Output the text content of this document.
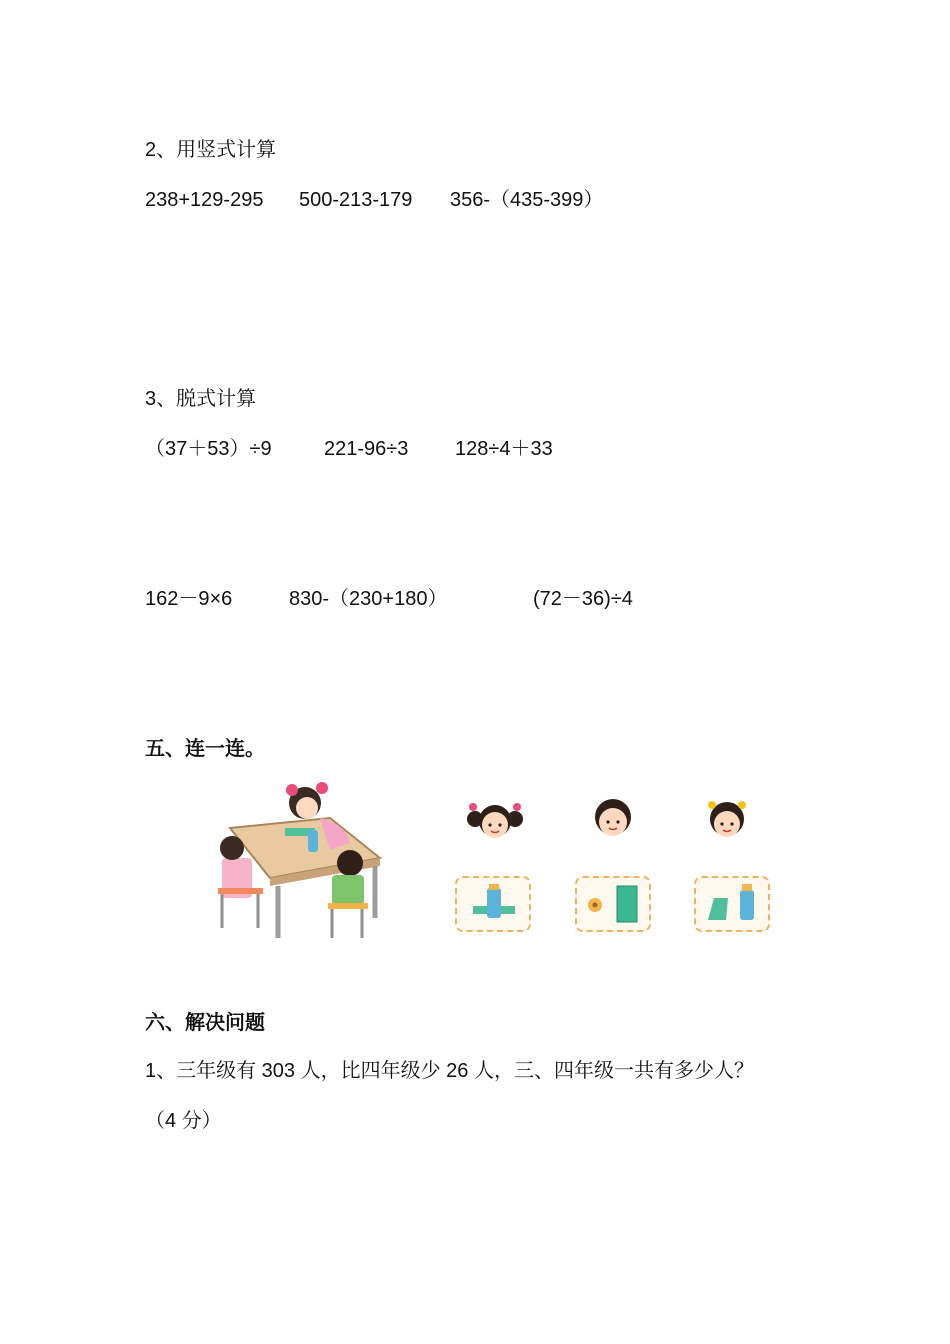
2、用竖式计算
238+129-295 500-213-179 356-（435-399）
3、脱式计算
（37＋53）÷9	221-96÷3 128÷4＋33
162－9×6	830-（230+180）	(72－36)÷4
五、连一连。
六、解决问题
1、三年级有 303 人，比四年级少 26 人，三、四年级一共有多少人？
（4 分）
